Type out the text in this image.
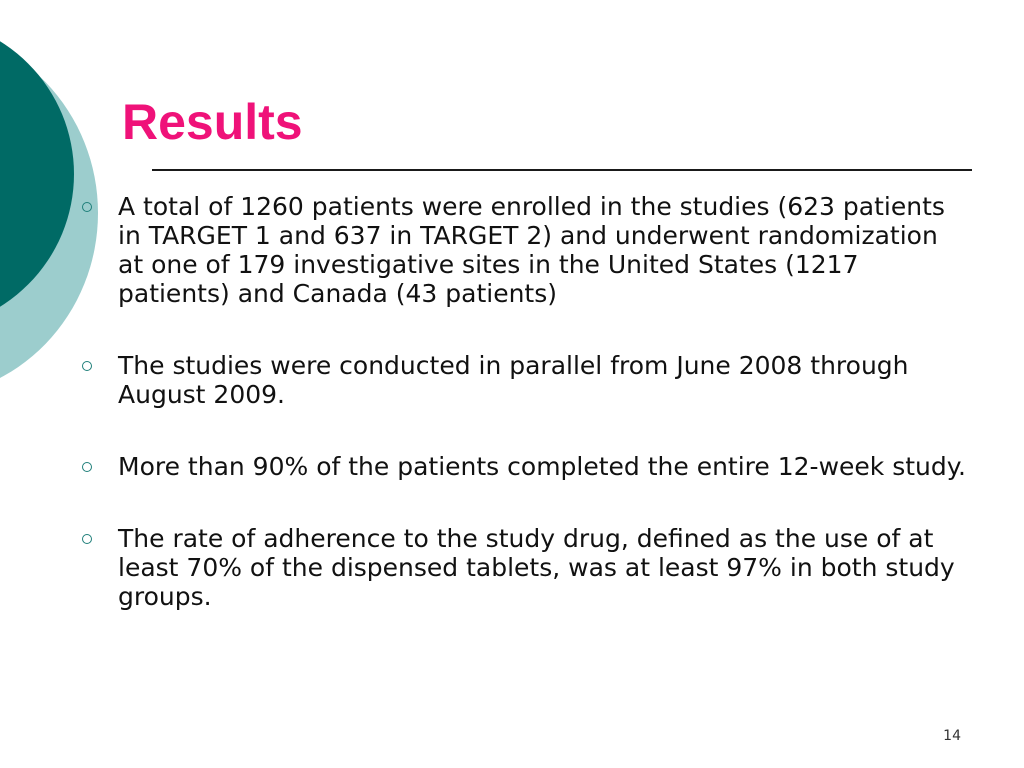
Results
A total of 1260 patients were enrolled in the studies (623 patients in TARGET 1 and 637 in TARGET 2) and underwent randomization at one of 179 investigative sites in the United States (1217 patients) and Canada (43 patients)
The studies were conducted in parallel from June 2008 through August 2009.
More than 90% of the patients completed the entire 12-week study.
The rate of adherence to the study drug, defined as the use of at least 70% of the dispensed tablets, was at least 97% in both study groups.
14
